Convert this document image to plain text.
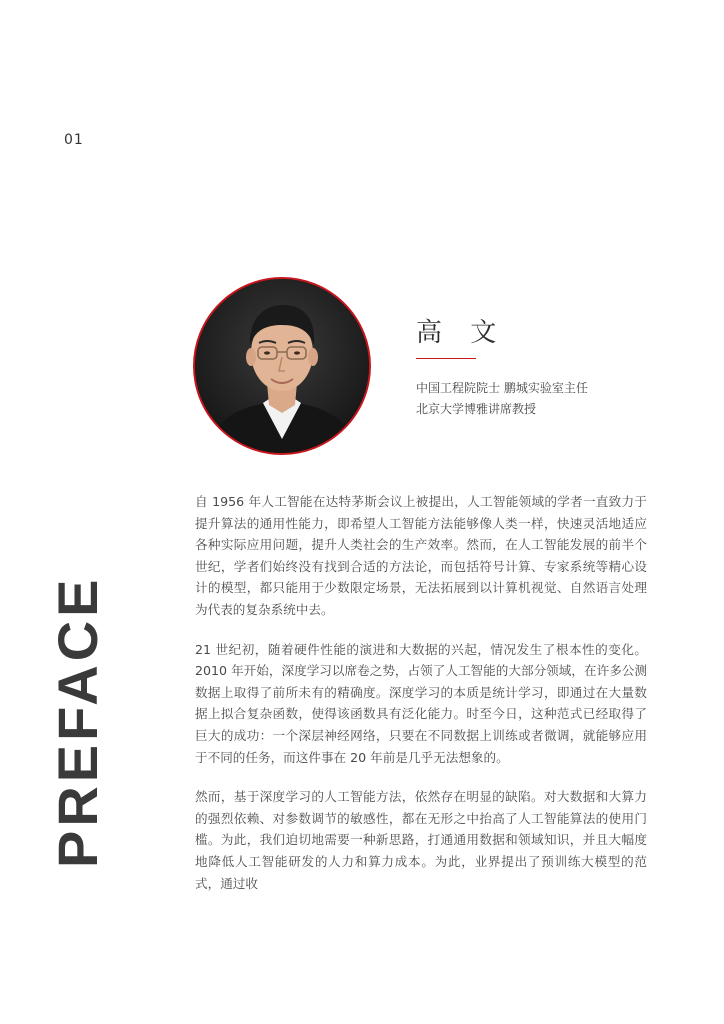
01
PREFACE
高 文
中国工程院院士 鹏城实验室主任
北京大学博雅讲席教授

自 1956 年人工智能在达特茅斯会议上被提出，人工智能领域的学者一直致力于提升算法的通用性能力，即希望人工智能方法能够像人类一样，快速灵活地适应各种实际应用问题，提升人类社会的生产效率。然而，在人工智能发展的前半个世纪，学者们始终没有找到合适的方法论，而包括符号计算、专家系统等精心设计的模型，都只能用于少数限定场景，无法拓展到以计算机视觉、自然语言处理为代表的复杂系统中去。

21 世纪初，随着硬件性能的演进和大数据的兴起，情况发生了根本性的变化。2010 年开始，深度学习以席卷之势，占领了人工智能的大部分领域，在许多公测数据上取得了前所未有的精确度。深度学习的本质是统计学习，即通过在大量数据上拟合复杂函数，使得该函数具有泛化能力。时至今日，这种范式已经取得了巨大的成功：一个深层神经网络，只要在不同数据上训练或者微调，就能够应用于不同的任务，而这件事在 20 年前是几乎无法想象的。

然而，基于深度学习的人工智能方法，依然存在明显的缺陷。对大数据和大算力的强烈依赖、对参数调节的敏感性，都在无形之中抬高了人工智能算法的使用门槛。为此，我们迫切地需要一种新思路，打通通用数据和领域知识，并且大幅度地降低人工智能研发的人力和算力成本。为此，业界提出了预训练大模型的范式，通过收
